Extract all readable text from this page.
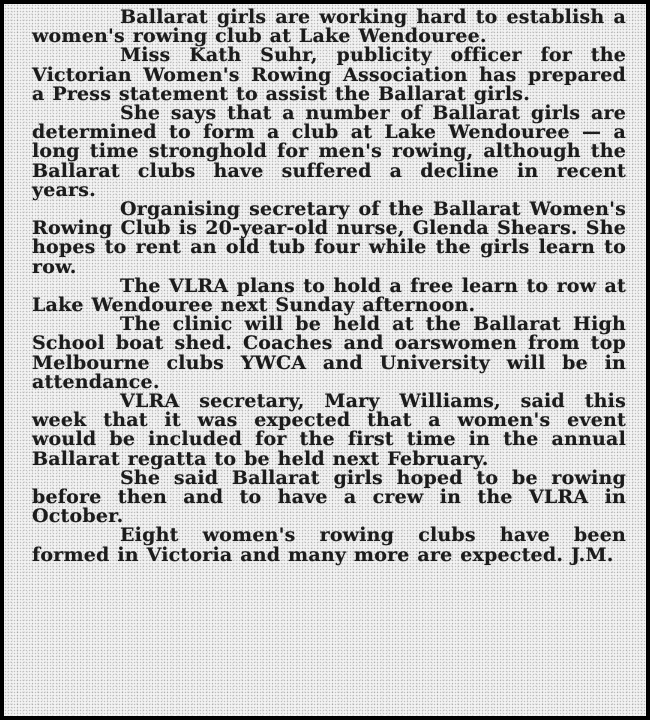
Ballarat girls are working hard to establish a women's rowing club at Lake Wendouree.

Miss Kath Suhr, publicity officer for the Victorian Women's Rowing Association has prepared a Press statement to assist the Ballarat girls.

She says that a number of Ballarat girls are determined to form a club at Lake Wendouree — a long time stronghold for men's rowing, although the Ballarat clubs have suffered a decline in recent years.

Organising secretary of the Ballarat Women's Rowing Club is 20-year-old nurse, Glenda Shears. She hopes to rent an old tub four while the girls learn to row.

The VLRA plans to hold a free learn to row at Lake Wendouree next Sunday afternoon.

The clinic will be held at the Ballarat High School boat shed. Coaches and oarswomen from top Melbourne clubs YWCA and University will be in attendance.

VLRA secretary, Mary Williams, said this week that it was expected that a women's event would be included for the first time in the annual Ballarat regatta to be held next February.

She said Ballarat girls hoped to be rowing before then and to have a crew in the VLRA in October.

Eight women's rowing clubs have been formed in Victoria and many more are expected. J.M.
